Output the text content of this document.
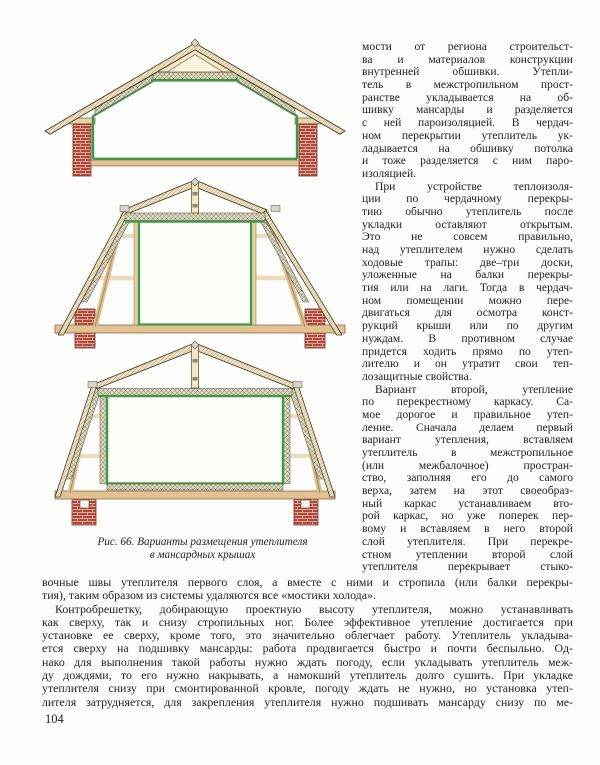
Рис. 66. Варианты размещения утеплителя
в мансардных крышах
мости от региона строительст-
ва и материалов конструкции
внутренней обшивки. Утепли-
тель в межстропильном прост-
ранстве укладывается на об-
шивку мансарды и разделяется
с ней пароизоляцией. В чердач-
ном перекрытии утеплитель ук-
ладывается на обшивку потолка
и тоже разделяется с ним паро-
изоляцией.
При устройстве теплоизоля-
ции по чердачному перекры-
тию обычно утеплитель после
укладки оставляют открытым.
Это не совсем правильно,
над утеплителем нужно сделать
ходовые трапы: две–три доски,
уложенные на балки перекры-
тия или на лаги. Тогда в чердач-
ном помещении можно пере-
двигаться для осмотра конст-
рукций крыши или по другим
нуждам. В противном случае
придется ходить прямо по утеп-
лителю и он утратит свои теп-
лозащитные свойства.
Вариант второй, утепление
по перекрестному каркасу. Са-
мое дорогое и правильное утеп-
ление. Сначала делаем первый
вариант утепления, вставляем
утеплитель в межстропильное
(или межбалочное) простран-
ство, заполняя его до самого
верха, затем на этот своеобраз-
ный каркас устанавливаем вто-
рой каркас, но уже поперек пер-
вому и вставляем в него второй
слой утеплителя. При перекре-
стном утеплении второй слой
утеплителя перекрывает стыко-
вочные швы утеплителя первого слоя, а вместе с ними и стропила (или балки перекры-
тия), таким образом из системы удаляются все «мостики холода».
Контробрешетку, добирающую проектную высоту утеплителя, можно устанавливать
как сверху, так и снизу стропильных ног. Более эффективное утепление достигается при
установке ее сверху, кроме того, это значительно облегчает работу. Утеплитель укладыва-
ется сверху на подшивку мансарды: работа продвигается быстро и почти беспыльно. Од-
нако для выполнения такой работы нужно ждать погоду, если укладывать утеплитель меж-
ду дождями, то его нужно накрывать, а намокший утеплитель долго сушить. При укладке
утеплителя снизу при смонтированной кровле, погоду ждать не нужно, но установка утеп-
лителя затрудняется, для закрепления утеплителя нужно подшивать мансарду снизу по ме-
104
